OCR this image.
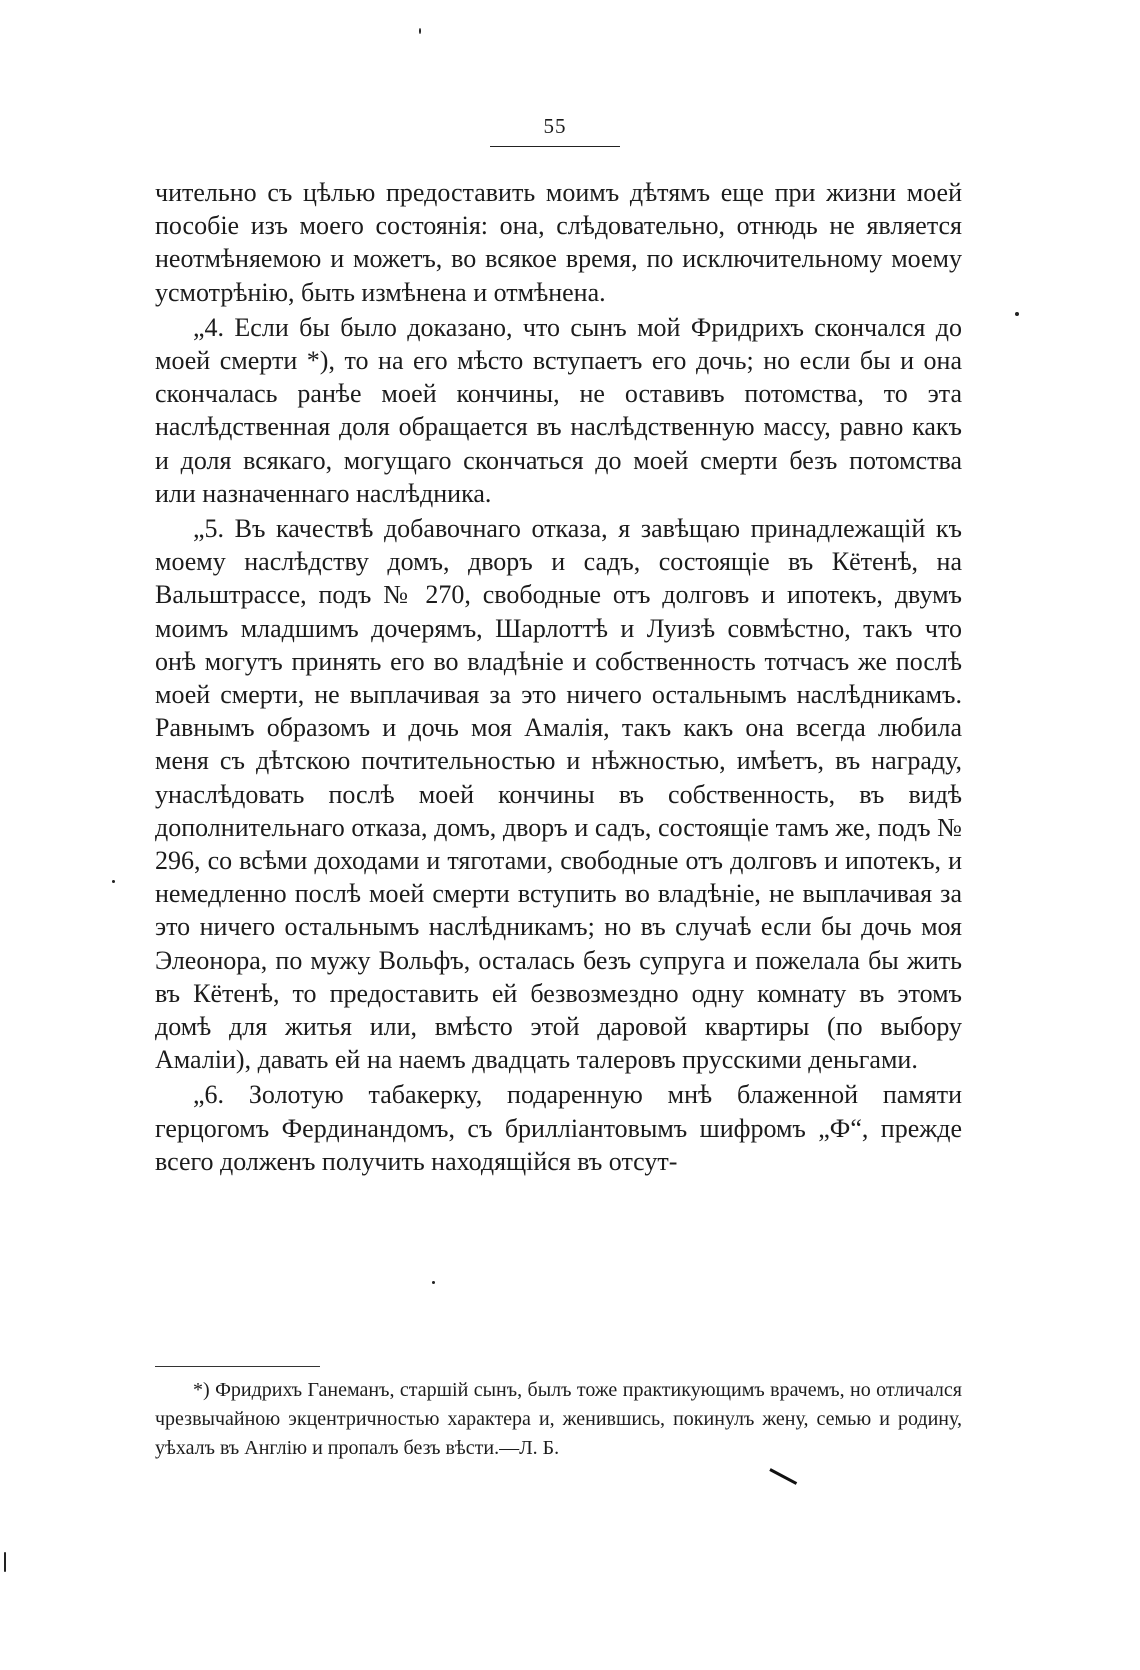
55

чительно съ цѣлью предоставить моимъ дѣтямъ еще при жизни моей пособіе изъ моего состоянія: она, слѣдовательно, отнюдь не является неотмѣняемою и можетъ, во всякое время, по исключительному моему усмотрѣнію, быть измѣнена и отмѣнена.

„4. Если бы было доказано, что сынъ мой Фридрихъ скончался до моей смерти *), то на его мѣсто вступаетъ его дочь; но если бы и она скончалась ранѣе моей кончины, не оставивъ потомства, то эта наслѣдственная доля обращается въ наслѣдственную массу, равно какъ и доля всякаго, могущаго скончаться до моей смерти безъ потомства или назначеннаго наслѣдника.

„5. Въ качествѣ добавочнаго отказа, я завѣщаю принадлежащій къ моему наслѣдству домъ, дворъ и садъ, состоящіе въ Кётенѣ, на Вальштрассе, подъ № 270, свободные отъ долговъ и ипотекъ, двумъ моимъ младшимъ дочерямъ, Шарлоттѣ и Луизѣ совмѣстно, такъ что онѣ могутъ принять его во владѣніе и собственность тотчасъ же послѣ моей смерти, не выплачивая за это ничего остальнымъ наслѣдникамъ. Равнымъ образомъ и дочь моя Амалія, такъ какъ она всегда любила меня съ дѣтскою почтительностью и нѣжностью, имѣетъ, въ награду, унаслѣдовать послѣ моей кончины въ собственность, въ видѣ дополнительнаго отказа, домъ, дворъ и садъ, состоящіе тамъ же, подъ № 296, со всѣми доходами и тяготами, свободные отъ долговъ и ипотекъ, и немедленно послѣ моей смерти вступить во владѣніе, не выплачивая за это ничего остальнымъ наслѣдникамъ; но въ случаѣ если бы дочь моя Элеонора, по мужу Вольфъ, осталась безъ супруга и пожелала бы жить въ Кётенѣ, то предоставить ей безвозмездно одну комнату въ этомъ домѣ для житья или, вмѣсто этой даровой квартиры (по выбору Амаліи), давать ей на наемъ двадцать талеровъ прусскими деньгами.

„6. Золотую табакерку, подаренную мнѣ блаженной памяти герцогомъ Фердинандомъ, съ бриллiантовымъ шифромъ „Ф“, прежде всего долженъ получить находящійся въ отсут-

*) Фридрихъ Ганеманъ, старшій сынъ, былъ тоже практикующимъ врачемъ, но отличался чрезвычайною экцентричностью характера и, женившись, покинулъ жену, семью и родину, уѣхалъ въ Англію и пропалъ безъ вѣсти.—Л. Б.
